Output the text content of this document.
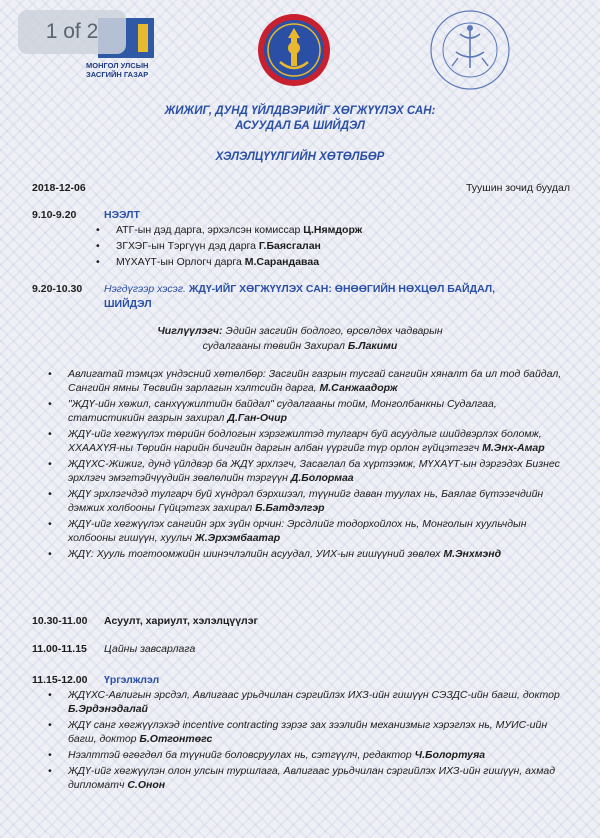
1 of 2
МОНГОЛ УЛСЫН
ЗАСГИЙН ГАЗАР
ЖИЖИГ, ДУНД ҮЙЛДВЭРИЙГ ХӨГЖҮҮЛЭХ САН:
АСУУДАЛ БА ШИЙДЭЛ
ХЭЛЭЛЦҮҮЛГИЙН ХӨТӨЛБӨР
2018-12-06	Туушин зочид буудал
9.10-9.20	НЭЭЛТ
• АТГ-ын дэд дарга, эрхэлсэн комиссар Ц.Нямдорж
• ЗГХЭГ-ын Тэргүүн дэд дарга Г.Баясгалан
• МҮХАҮТ-ын Орлогч дарга М.Сарандаваа
9.20-10.30 Нэгдүгээр хэсэг. ЖДҮ-ИЙГ ХӨГЖҮҮЛЭХ САН: ӨНӨӨГИЙН НӨХЦӨЛ БАЙДАЛ,
ШИЙДЭЛ
Чиглүүлэгч: Эдийн засгийн бодлого, өрсөлдөх чадварын
судалгааны төвийн Захирал Б.Лакими
• Авлигатай тэмцэх үндэсний хөтөлбөр: Засгийн газрын тусгай сангийн хяналт ба ил тод байдал, Сангийн ямны Төсвийн зарлагын хэлтсийн дарга, М.Санжаадорж
• "ЖДҮ-ийн хөжил, санхүүжилтийн байдал" судалгааны тойм, Монголбанкны Судалгаа, статистикийн газрын захирал Д.Ган-Очир
• ЖДҮ-ийг хөгжүүлэх төрийн бодлогын хэрэгжилтэд тулгарч буй асуудлыг шийдвэрлэх боломж, ХХААХҮЯ-ны Төрийн нарийн бичгийн даргын албан үүргийг түр орлон гүйцэтгэгч М.Энх-Амар
• ЖДҮХС-Жижиг, дунд үйлдвэр ба ЖДҮ эрхлэгч, Засаглал ба хүртээмж, МҮХАҮТ-ын дэргэдэх Бизнес эрхлэгч эмэгтэйчүүдийн зөвлөлийн тэргүүн Д.Болормаа
• ЖДҮ эрхлэгчдэд тулгарч буй хүндрэл бэрхшээл, түүнийг даван туулах нь, Баялаг бүтээгчдийн дэмжих холбооны Гүйцэтгэх захирал Б.Батдэлгэр
• ЖДҮ-ийг хөгжүүлэх сангийн эрх зүйн орчин: Эрсдлийг тодорхойлох нь, Монголын хуульчдын холбооны гишүүн, хуульч Ж.Эрхэмбаатар
• ЖДҮ: Хууль тогтоомжийн шинэчлэлийн асуудал, УИХ-ын гишүүний зөвлөх М.Энхмэнд
10.30-11.00 Асуулт, хариулт, хэлэлцүүлэг
11.00-11.15 Цайны завсарлага
11.15-12.00 Үргэлжлэл
• ЖДҮХС-Авлигын эрсдэл, Авлигаас урьдчилан сэргийлэх ИХЗ-ийн гишүүн СЭЗДС-ийн багш, доктор Б.Эрдэнэдалай
• ЖДҮ санг хөгжүүлэхэд incentive contracting зэрэг зах зээлийн механизмыг хэрэглэх нь, МУИС-ийн багш, доктор Б.Отгонтөгс
• Нээлттэй өгөгдөл ба түүнийг боловсруулах нь, сэтгүүлч, редактор Ч.Болортуяа
• ЖДҮ-ийг хөгжүүлэн олон улсын туршлага, Авлигаас урьдчилан сэргийлэх ИХЗ-ийн гишүүн, ахмад дипломатч С.Онон
